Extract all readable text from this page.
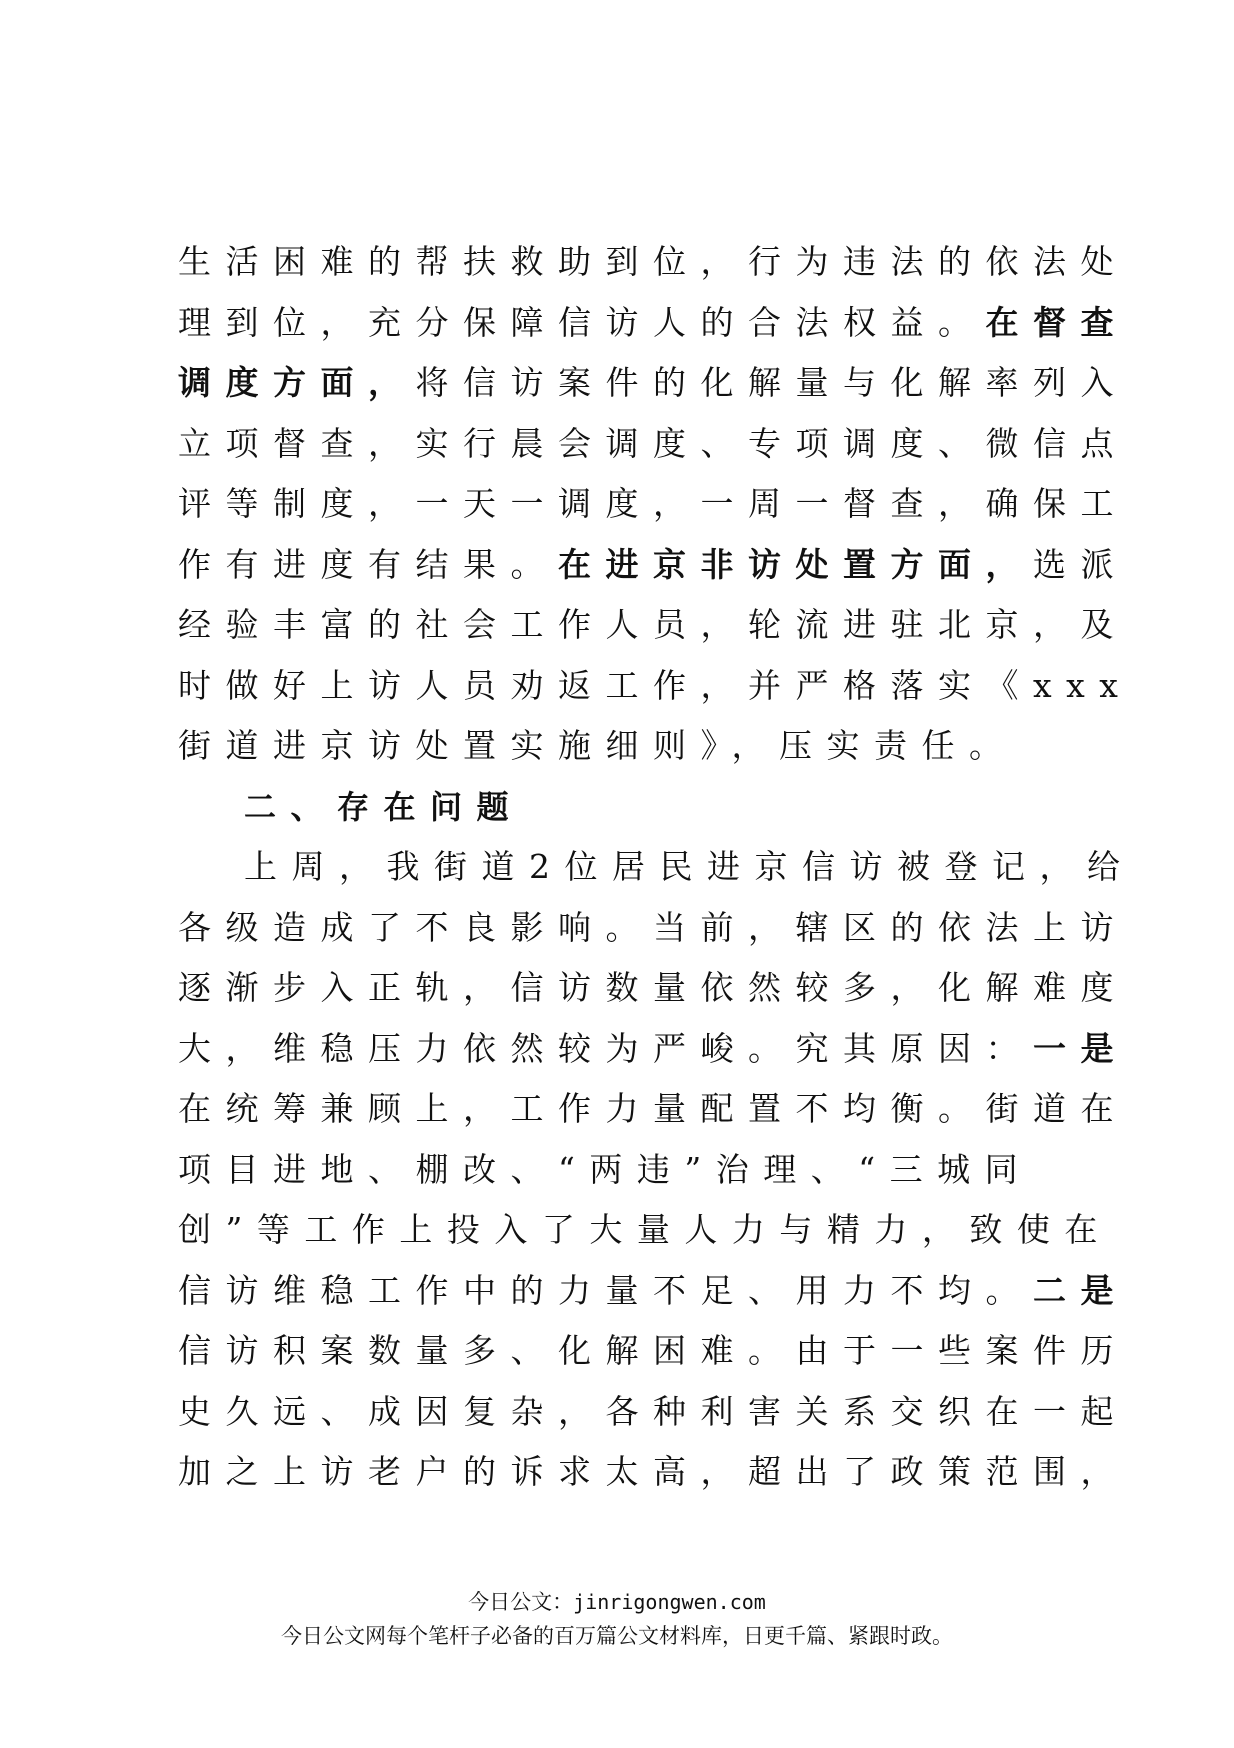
生活困难的帮扶救助到位，行为违法的依法处
理到位，充分保障信访人的合法权益。在督查
调度方面，将信访案件的化解量与化解率列入
立项督查，实行晨会调度、专项调度、微信点
评等制度，一天一调度，一周一督查，确保工
作有进度有结果。在进京非访处置方面，选派
经验丰富的社会工作人员，轮流进驻北京，及
时做好上访人员劝返工作，并严格落实《xxx
街道进京访处置实施细则》，压实责任。
二、存在问题
上周，我街道2位居民进京信访被登记，给
各级造成了不良影响。当前，辖区的依法上访
逐渐步入正轨，信访数量依然较多，化解难度
大，维稳压力依然较为严峻。究其原因：一是
在统筹兼顾上，工作力量配置不均衡。街道在
项目进地、棚改、“两违”治理、“三城同
创”等工作上投入了大量人力与精力，致使在
信访维稳工作中的力量不足、用力不均。二是
信访积案数量多、化解困难。由于一些案件历
史久远、成因复杂，各种利害关系交织在一起
加之上访老户的诉求太高，超出了政策范围，
今日公文：jinrigongwen.com
今日公文网每个笔杆子必备的百万篇公文材料库，日更千篇、紧跟时政。
